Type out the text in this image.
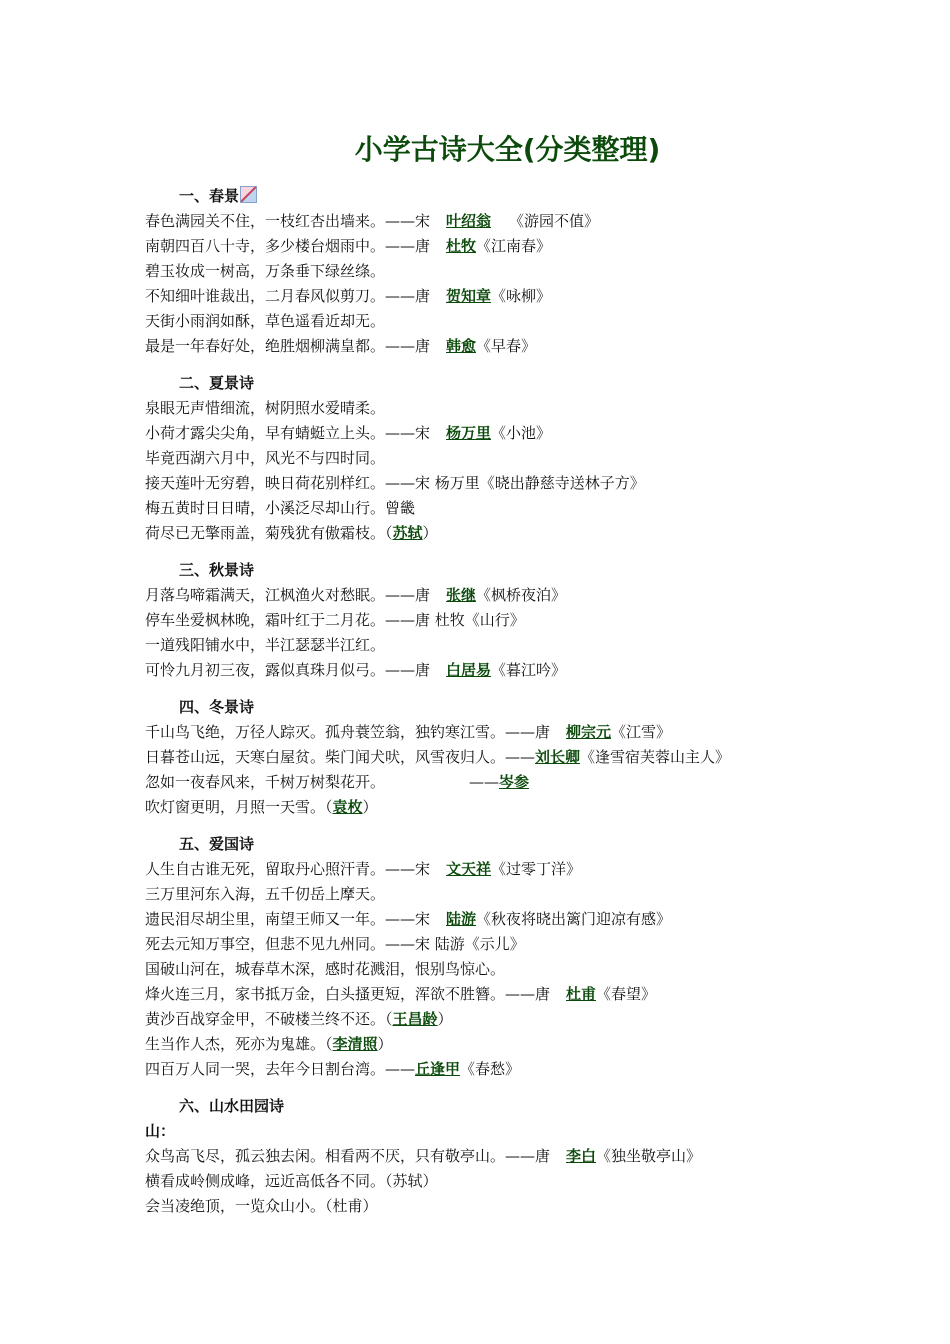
小学古诗大全(分类整理)
一、春景
春色满园关不住，一枝红杏出墙来。——宋 叶绍翁 《游园不值》
南朝四百八十寺，多少楼台烟雨中。——唐 杜牧《江南春》
碧玉妆成一树高，万条垂下绿丝绦。
不知细叶谁裁出，二月春风似剪刀。——唐 贺知章《咏柳》
天街小雨润如酥，草色遥看近却无。
最是一年春好处，绝胜烟柳满皇都。——唐 韩愈《早春》
二、夏景诗
泉眼无声惜细流，树阴照水爱晴柔。
小荷才露尖尖角，早有蜻蜓立上头。——宋 杨万里《小池》
毕竟西湖六月中，风光不与四时同。
接天莲叶无穷碧，映日荷花别样红。——宋 杨万里《晓出静慈寺送林子方》
梅五黄时日日晴，小溪泛尽却山行。曾畿
荷尽已无擎雨盖，菊残犹有傲霜枝。（苏轼）
三、秋景诗
月落乌啼霜满天，江枫渔火对愁眠。——唐 张继《枫桥夜泊》
停车坐爱枫林晚，霜叶红于二月花。——唐 杜牧《山行》
一道残阳铺水中，半江瑟瑟半江红。
可怜九月初三夜，露似真珠月似弓。——唐 白居易《暮江吟》
四、冬景诗
千山鸟飞绝，万径人踪灭。孤舟蓑笠翁，独钓寒江雪。——唐 柳宗元《江雪》
日暮苍山远，天寒白屋贫。柴门闻犬吠，风雪夜归人。——刘长卿《逢雪宿芙蓉山主人》
忽如一夜春风来，千树万树梨花开。	——岑参
吹灯窗更明，月照一天雪。（袁枚）
五、爱国诗
人生自古谁无死，留取丹心照汗青。——宋 文天祥《过零丁洋》
三万里河东入海，五千仞岳上摩天。
遗民泪尽胡尘里，南望王师又一年。——宋 陆游《秋夜将晓出篱门迎凉有感》
死去元知万事空，但悲不见九州同。——宋 陆游《示儿》
国破山河在，城春草木深，感时花溅泪，恨别鸟惊心。
烽火连三月，家书抵万金，白头搔更短，浑欲不胜簪。——唐 杜甫《春望》
黄沙百战穿金甲，不破楼兰终不还。（王昌龄）
生当作人杰，死亦为鬼雄。（李清照）
四百万人同一哭，去年今日割台湾。——丘逢甲《春愁》
六、山水田园诗
山：
众鸟高飞尽，孤云独去闲。相看两不厌，只有敬亭山。——唐 李白《独坐敬亭山》
横看成岭侧成峰，远近高低各不同。（苏轼）
会当凌绝顶，一览众山小。（杜甫）
